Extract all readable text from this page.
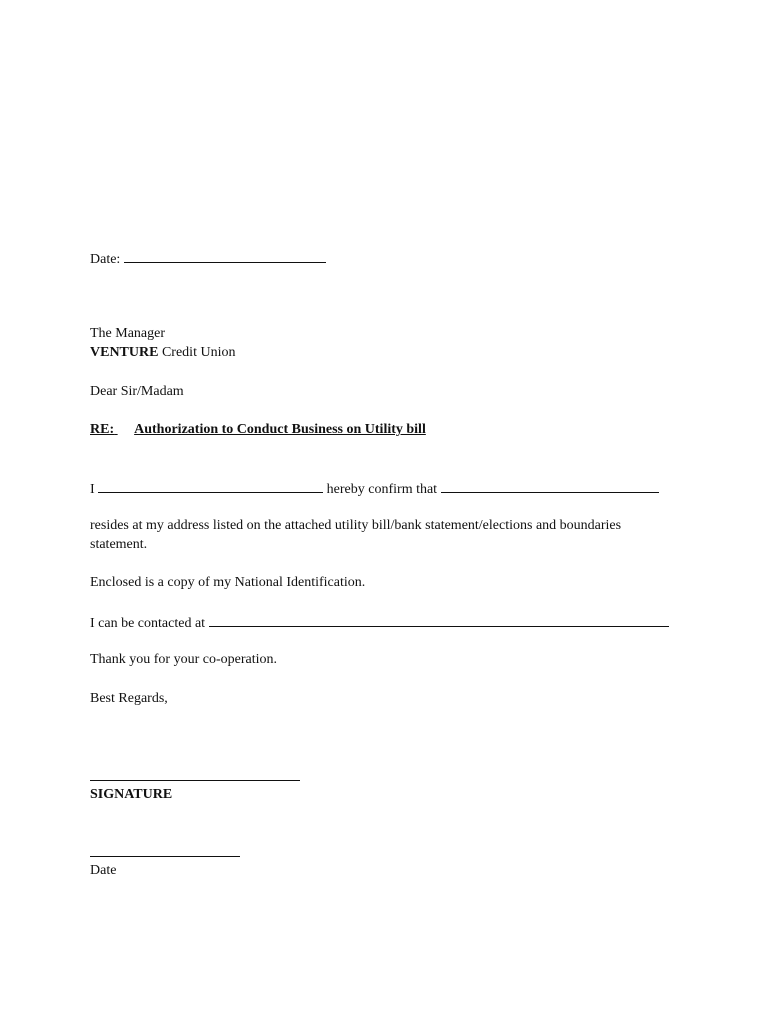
Date:
The Manager
VENTURE Credit Union
Dear Sir/Madam
RE: Authorization to Conduct Business on Utility bill
I	hereby confirm that
resides at my address listed on the attached utility bill/bank statement/elections and boundaries statement.
Enclosed is a copy of my National Identification.
I can be contacted at
Thank you for your co-operation.
Best Regards,
SIGNATURE
Date
